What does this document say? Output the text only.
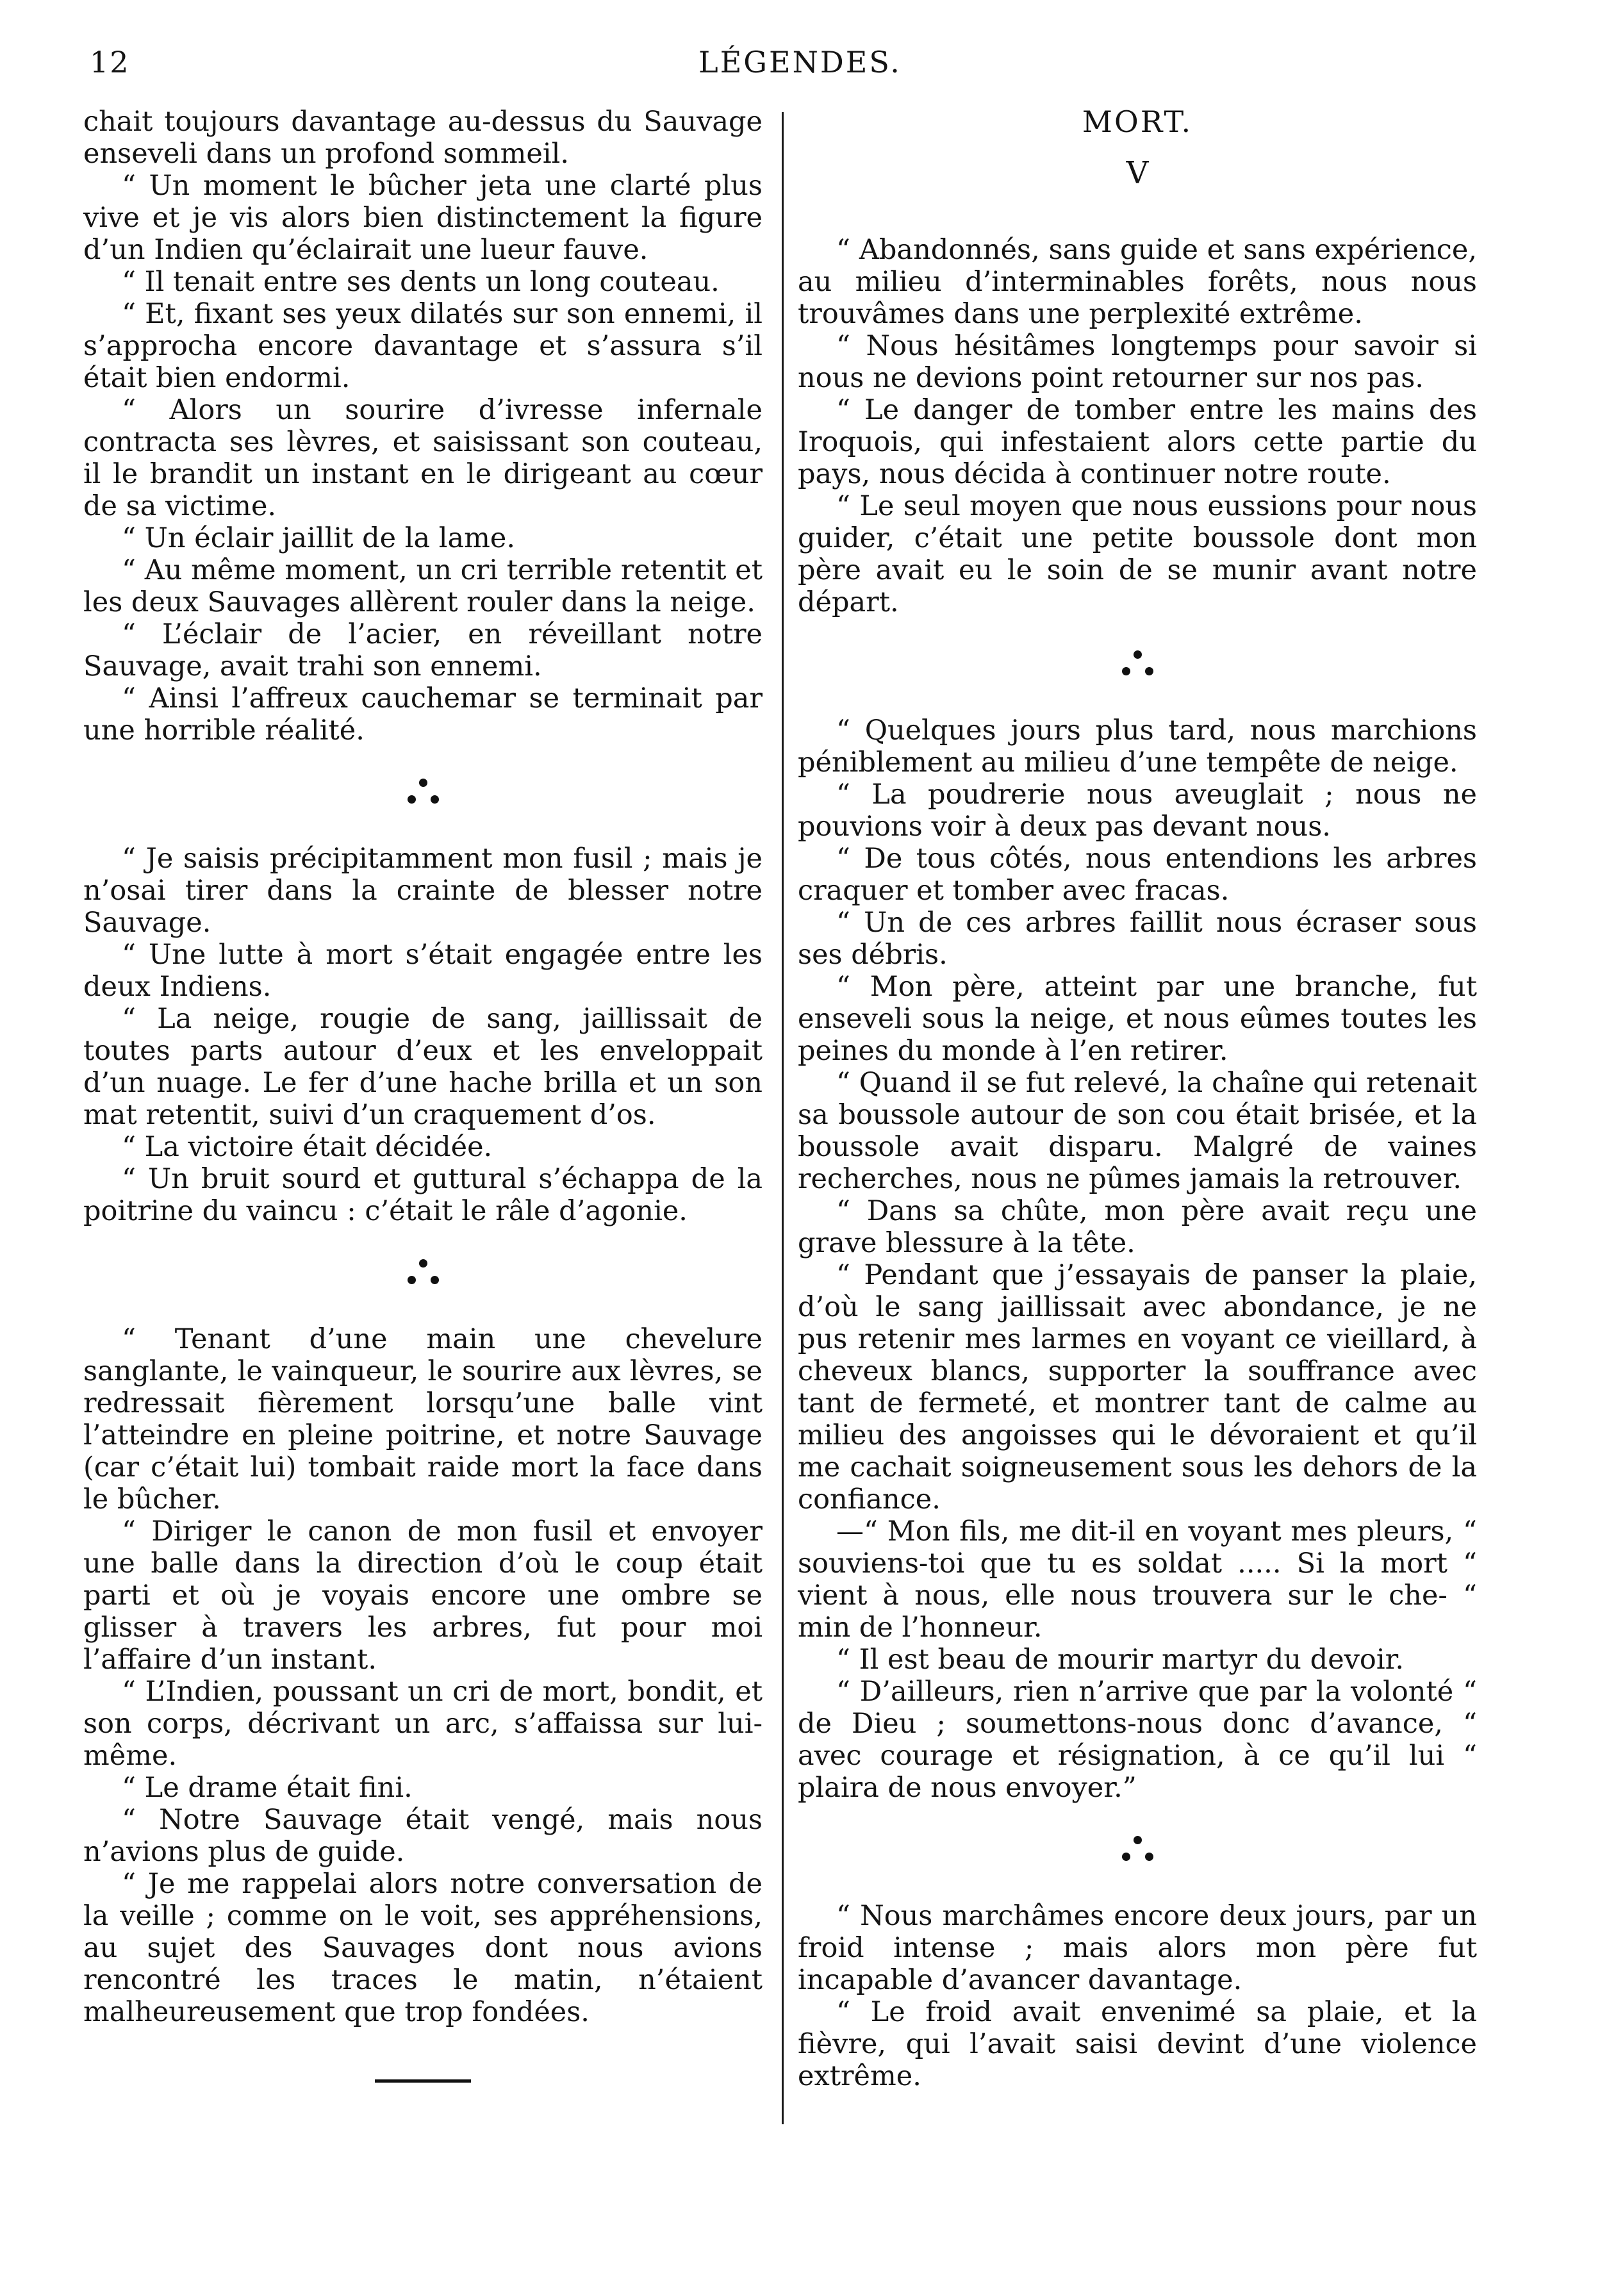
12	LÉGENDES.

chait toujours davantage au-dessus du Sauvage enseveli dans un profond sommeil.

“ Un moment le bûcher jeta une clarté plus vive et je vis alors bien distinctement la figure d’un Indien qu’éclairait une lueur fauve.

“ Il tenait entre ses dents un long couteau.

“ Et, fixant ses yeux dilatés sur son ennemi, il s’approcha encore davantage et s’assura s’il était bien endormi.

“ Alors un sourire d’ivresse infernale contracta ses lèvres, et saisissant son couteau, il le brandit un instant en le dirigeant au cœur de sa victime.

“ Un éclair jaillit de la lame.

“ Au même moment, un cri terrible retentit et les deux Sauvages allèrent rouler dans la neige.

“ L’éclair de l’acier, en réveillant notre Sauvage, avait trahi son ennemi.

“ Ainsi l’affreux cauchemar se terminait par une horrible réalité.

“ Je saisis précipitamment mon fusil ; mais je n’osai tirer dans la crainte de blesser notre Sauvage.

“ Une lutte à mort s’était engagée entre les deux Indiens.

“ La neige, rougie de sang, jaillissait de toutes parts autour d’eux et les enveloppait d’un nuage. Le fer d’une hache brilla et un son mat retentit, suivi d’un craquement d’os.

“ La victoire était décidée.

“ Un bruit sourd et guttural s’échappa de la poitrine du vaincu : c’était le râle d’agonie.

“ Tenant d’une main une chevelure sanglante, le vainqueur, le sourire aux lèvres, se redressait fièrement lorsqu’une balle vint l’atteindre en pleine poitrine, et notre Sauvage (car c’était lui) tombait raide mort la face dans le bûcher.

“ Diriger le canon de mon fusil et envoyer une balle dans la direction d’où le coup était parti et où je voyais encore une ombre se glisser à travers les arbres, fut pour moi l’affaire d’un instant.

“ L’Indien, poussant un cri de mort, bondit, et son corps, décrivant un arc, s’affaissa sur lui-même.

“ Le drame était fini.

“ Notre Sauvage était vengé, mais nous n’avions plus de guide.

“ Je me rappelai alors notre conversation de la veille ; comme on le voit, ses appréhensions, au sujet des Sauvages dont nous avions rencontré les traces le matin, n’étaient malheureusement que trop fondées.

MORT.
V

“ Abandonnés, sans guide et sans expérience, au milieu d’interminables forêts, nous nous trouvâmes dans une perplexité extrême.

“ Nous hésitâmes longtemps pour savoir si nous ne devions point retourner sur nos pas.

“ Le danger de tomber entre les mains des Iroquois, qui infestaient alors cette partie du pays, nous décida à continuer notre route.

“ Le seul moyen que nous eussions pour nous guider, c’était une petite boussole dont mon père avait eu le soin de se munir avant notre départ.

“ Quelques jours plus tard, nous marchions péniblement au milieu d’une tempête de neige.

“ La poudrerie nous aveuglait ; nous ne pouvions voir à deux pas devant nous.

“ De tous côtés, nous entendions les arbres craquer et tomber avec fracas.

“ Un de ces arbres faillit nous écraser sous ses débris.

“ Mon père, atteint par une branche, fut enseveli sous la neige, et nous eûmes toutes les peines du monde à l’en retirer.

“ Quand il se fut relevé, la chaîne qui retenait sa boussole autour de son cou était brisée, et la boussole avait disparu. Malgré de vaines recherches, nous ne pûmes jamais la retrouver.

“ Dans sa chûte, mon père avait reçu une grave blessure à la tête.

“ Pendant que j’essayais de panser la plaie, d’où le sang jaillissait avec abondance, je ne pus retenir mes larmes en voyant ce vieillard, à cheveux blancs, supporter la souffrance avec tant de fermeté, et montrer tant de calme au milieu des angoisses qui le dévoraient et qu’il me cachait soigneusement sous les dehors de la confiance.

—“ Mon fils, me dit-il en voyant mes pleurs, “ souviens-toi que tu es soldat ..... Si la mort “ vient à nous, elle nous trouvera sur le che- “ min de l’honneur.

“ Il est beau de mourir martyr du devoir.

“ D’ailleurs, rien n’arrive que par la volonté “ de Dieu ; soumettons-nous donc d’avance, “ avec courage et résignation, à ce qu’il lui “ plaira de nous envoyer.”

“ Nous marchâmes encore deux jours, par un froid intense ; mais alors mon père fut incapable d’avancer davantage.

“ Le froid avait envenimé sa plaie, et la fièvre, qui l’avait saisi devint d’une violence extrême.
